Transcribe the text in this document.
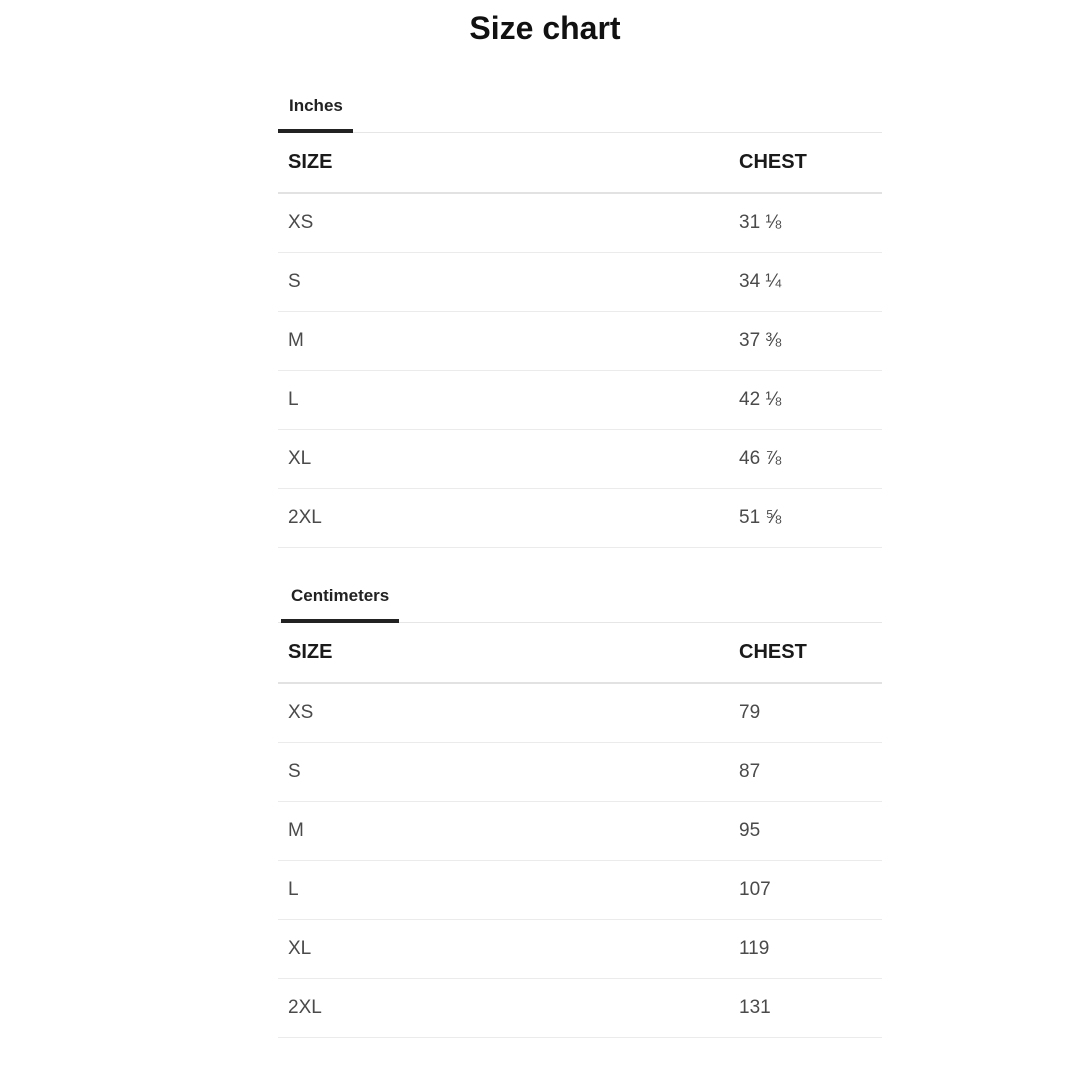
Size chart
Inches
SIZE	CHEST
XS	31 ⅛
S	34 ¼
M	37 ⅜
L	42 ⅛
XL	46 ⅞
2XL	51 ⅝
Centimeters
SIZE	CHEST
XS	79
S	87
M	95
L	107
XL	119
2XL	131
